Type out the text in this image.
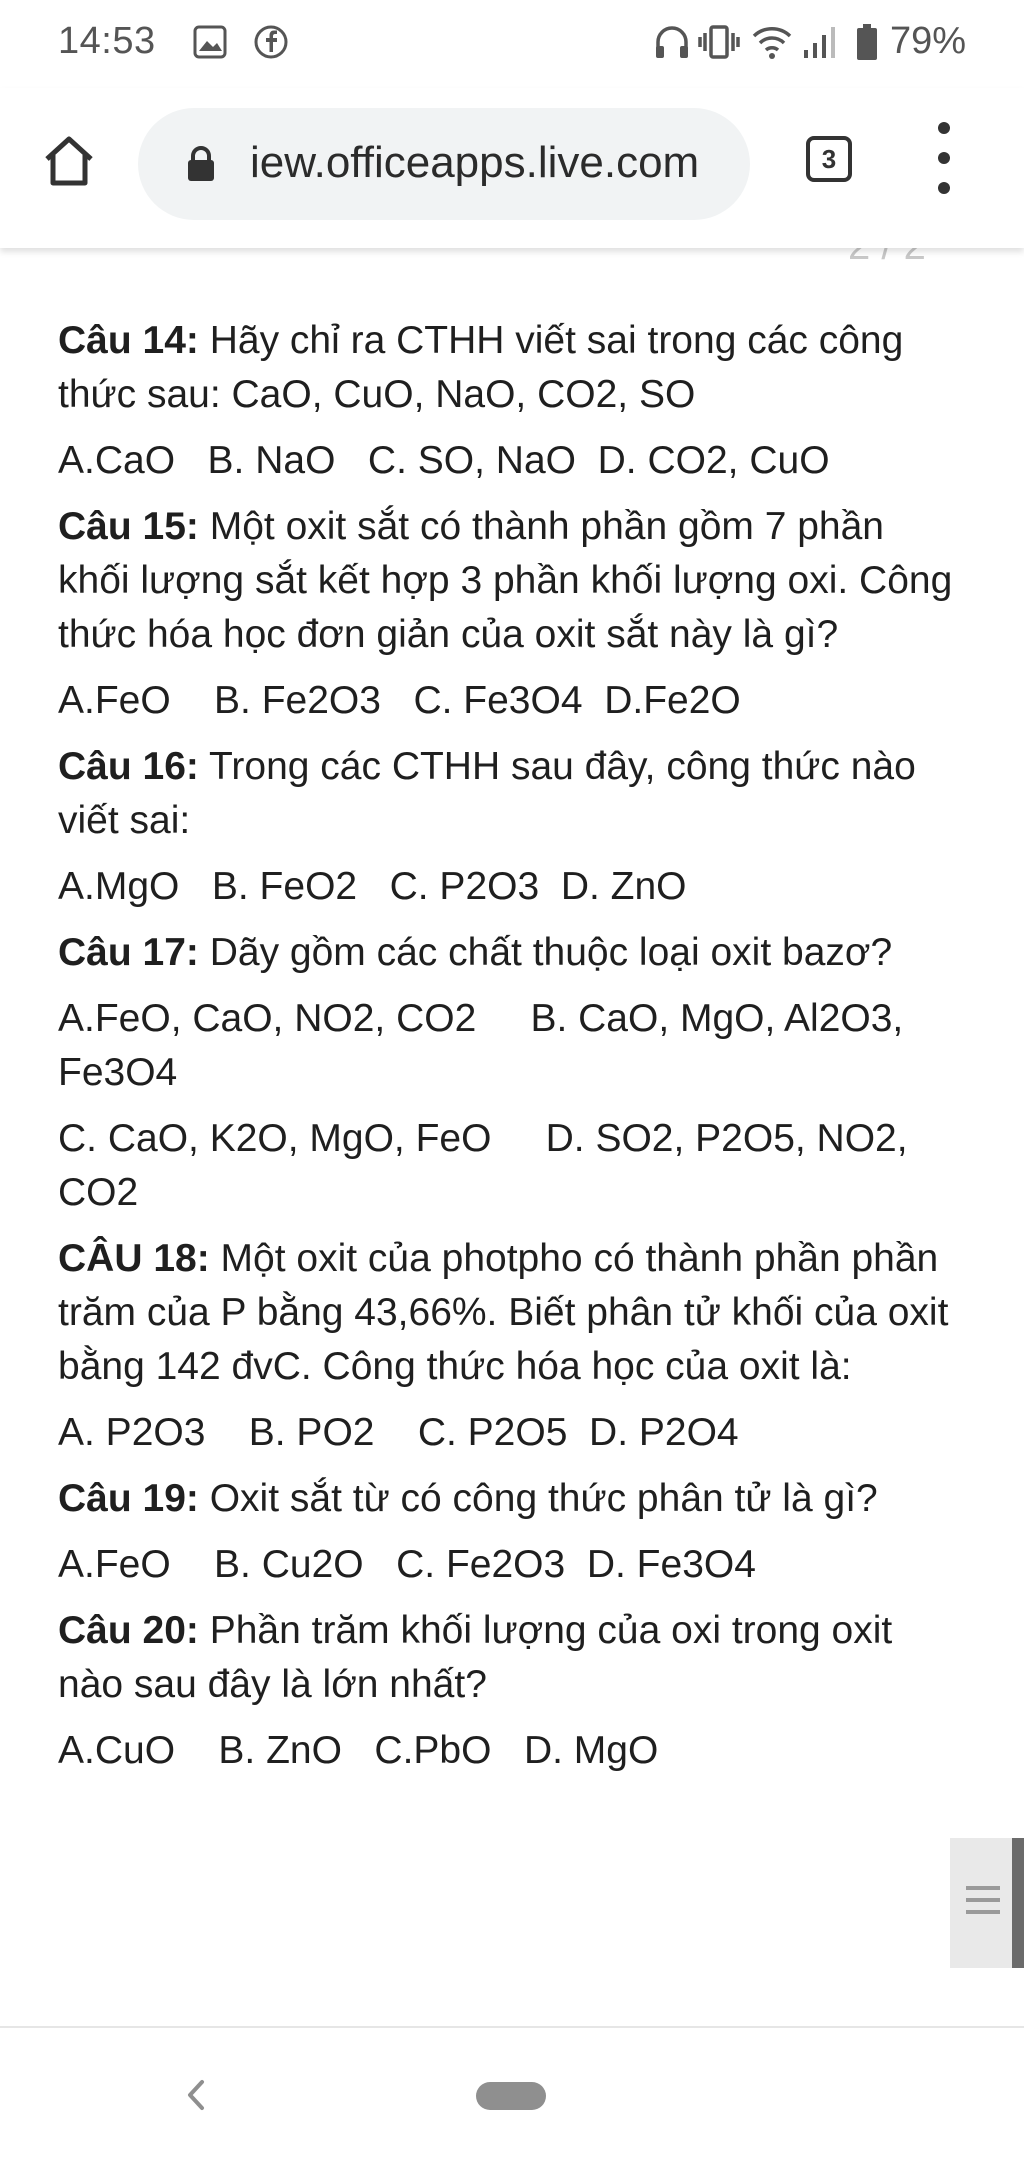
14:53	79%
iew.officeapps.live.com	3

Câu 14: Hãy chỉ ra CTHH viết sai trong các công thức sau: CaO, CuO, NaO, CO2, SO

A.CaO   B. NaO   C. SO, NaO  D. CO2, CuO

Câu 15: Một oxit sắt có thành phần gồm 7 phần khối lượng sắt kết hợp 3 phần khối lượng oxi. Công thức hóa học đơn giản của oxit sắt này là gì?

A.FeO    B. Fe2O3   C. Fe3O4  D.Fe2O

Câu 16: Trong các CTHH sau đây, công thức nào viết sai:

A.MgO   B. FeO2   C. P2O3  D. ZnO

Câu 17: Dãy gồm các chất thuộc loại oxit bazơ?

A.FeO, CaO, NO2, CO2     B. CaO, MgO, Al2O3, Fe3O4

C. CaO, K2O, MgO, FeO     D. SO2, P2O5, NO2, CO2

CÂU 18: Một oxit của photpho có thành phần phần trăm của P bằng 43,66%. Biết phân tử khối của oxit bằng 142 đvC. Công thức hóa học của oxit là:

A. P2O3    B. PO2    C. P2O5  D. P2O4

Câu 19: Oxit sắt từ có công thức phân tử là gì?

A.FeO    B. Cu2O   C. Fe2O3  D. Fe3O4

Câu 20: Phần trăm khối lượng của oxi trong oxit nào sau đây là lớn nhất?

A.CuO    B. ZnO   C.PbO   D. MgO
